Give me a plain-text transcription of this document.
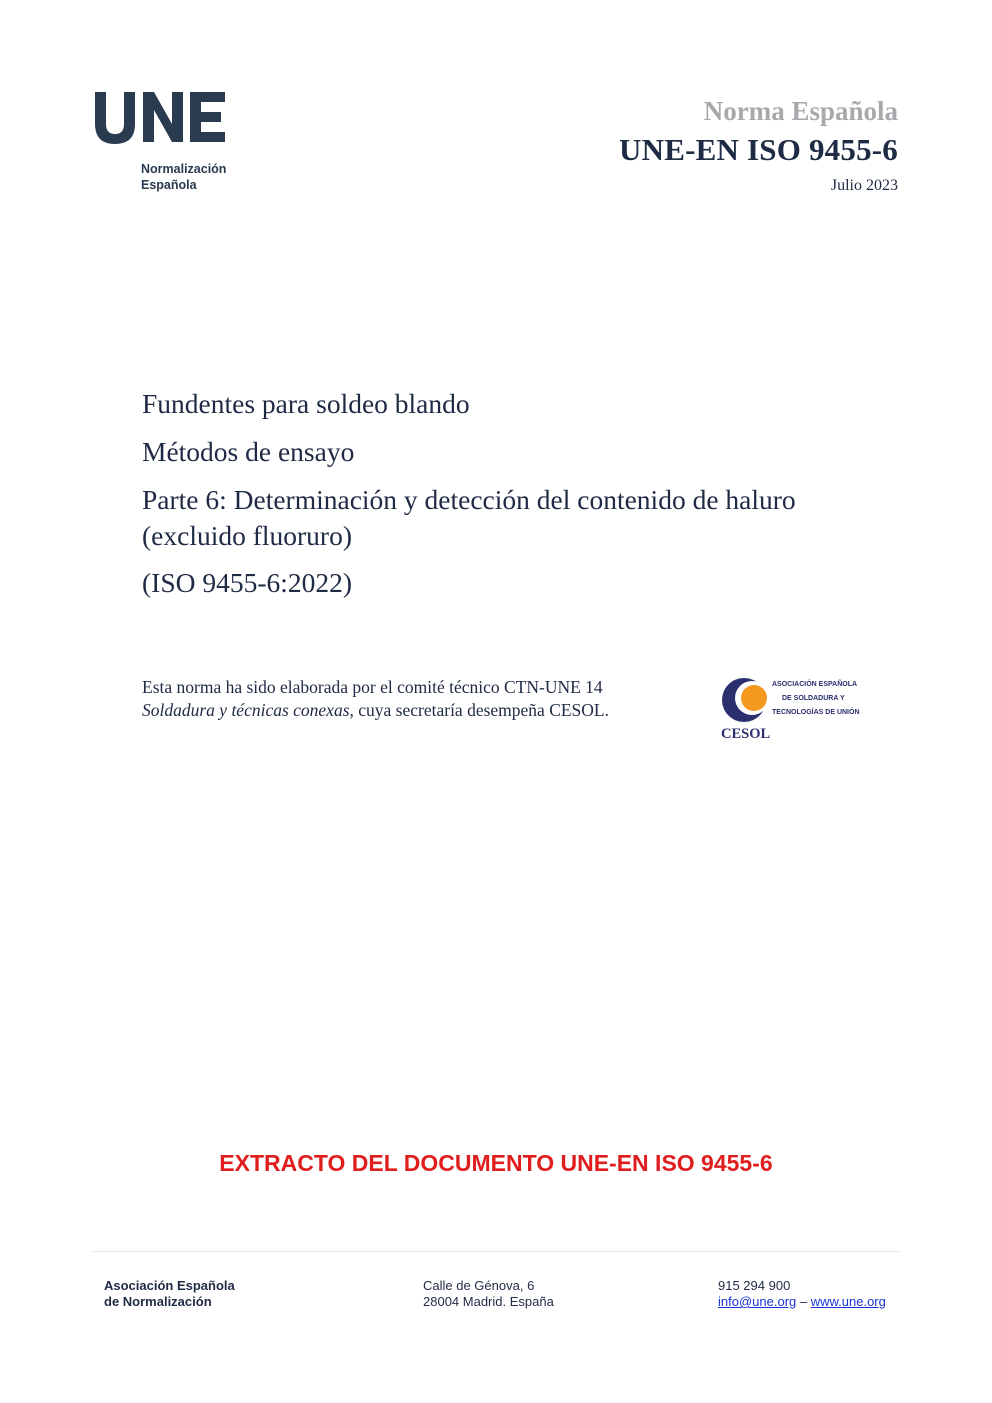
Normalización
Española
Norma Española
UNE-EN ISO 9455-6
Julio 2023
Fundentes para soldeo blando
Métodos de ensayo
Parte 6: Determinación y detección del contenido de haluro (excluido fluoruro)
(ISO 9455-6:2022)
Esta norma ha sido elaborada por el comité técnico CTN-UNE 14 Soldadura y técnicas conexas, cuya secretaría desempeña CESOL.
ASOCIACIÓN ESPAÑOLA
DE SOLDADURA Y
TECNOLOGÍAS DE UNIÓN
CESOL
EXTRACTO DEL DOCUMENTO UNE-EN ISO 9455-6
Asociación Española
de Normalización
Calle de Génova, 6
28004 Madrid. España
915 294 900
info@une.org – www.une.org
